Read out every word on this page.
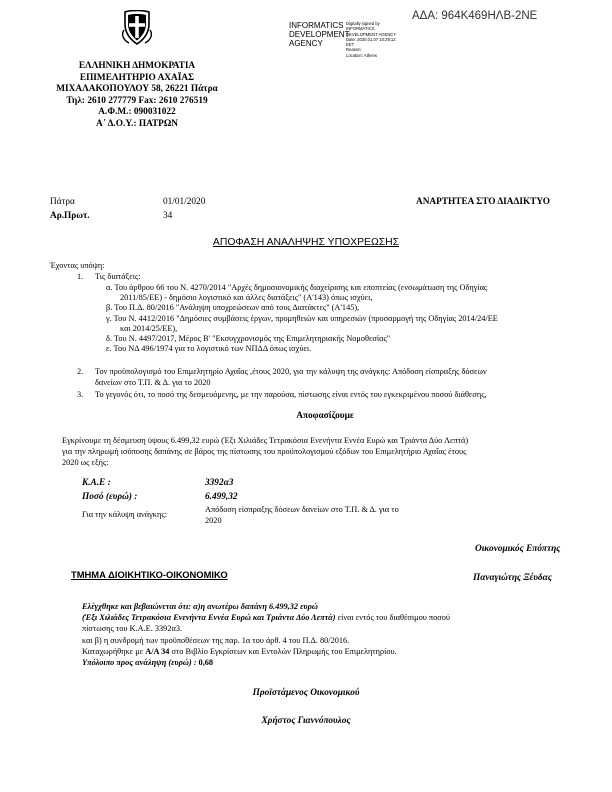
ΑΔΑ: 964Κ469ΗΛΒ-2ΝΕ
INFORMATICS
DEVELOPMENT
AGENCY
Digitally signed by
INFORMATICS
DEVELOPMENT AGENCY
Date: 2020.01.07 10:29:12
EET
Reason:
Location: Athens
ΕΛΛΗΝΙΚΗ ΔΗΜΟΚΡΑΤΙΑ
ΕΠΙΜΕΛΗΤΗΡΙΟ ΑΧΑΪΑΣ
ΜΙΧΑΛΑΚΟΠΟΥΛΟΥ 58, 26221 Πάτρα
Τηλ: 2610 277779 Fax: 2610 276519
Α.Φ.Μ.: 090031022
Α΄ Δ.Ο.Υ.: ΠΑΤΡΩΝ
Πάτρα	01/01/2020
Αρ.Πρωτ.	34
ΑΝΑΡΤΗΤΕΑ ΣΤΟ ΔΙΑΔΙΚΤΥΟ
ΑΠΟΦΑΣΗ ΑΝΑΛΗΨΗΣ ΥΠΟΧΡΕΩΣΗΣ
Έχοντας υπόψη:
1. Τις διατάξεις:
α. Του άρθρου 66 του Ν. 4270/2014 "Αρχές δημοσιονομικής διαχείρισης και εποπτείας (ενσωμάτωση της Οδηγίας
2011/85/ΕΕ) - δημόσιο λογιστικό και άλλες διατάξεις" (Α'143) όπως ισχύει,
β. Του Π.Δ. 80/2016 "Ανάληψη υποχρεώσεων από τους Διατάκτες" (Α'145),
γ. Του Ν. 4412/2016 "Δημόσιες συμβάσεις έργων, προμηθειών και υπηρεσιών (προσαρμογή της Οδηγίας 2014/24/ΕΕ
και 2014/25/ΕΕ),
δ. Του Ν. 4497/2017, Μέρος Β' "Εκσυγχρονισμός της Επιμελητηριακής Νομοθεσίας"
ε. Του ΝΔ 496/1974 για το λογιστικό των ΝΠΔΔ όπως ισχύει.
2. Τον προϋπολογισμό του Επιμελητηρίο Αχαΐας ,έτους 2020, για την κάλυψη της ανάγκης: Απόδοση είσπραξης δόσεων
δανείων στο Τ.Π. & Δ. για το 2020
3. Το γεγονός ότι, το ποσό της δεσμευόμενης, με την παρούσα, πίστωσης είναι εντός του εγκεκριμένου ποσού διάθεσης,
Αποφασίζουμε
Εγκρίνουμε τη δέσμευση ύψους 6.499,32 ευρώ (Έξι Χιλιάδες Τετρακόσια Ενενήντα Εννέα Ευρώ και Τριάντα Δύο Λεπτά)
για την πληρωμή ισόποσης δαπάνης σε βάρος της πίστωσης του προϋπολογισμού εξόδων του Επιμελητήριο Αχαΐας έτους
2020 ως εξής:
Κ.Α.Ε :	3392α3
Ποσό (ευρώ) :	6.499,32
Για την κάλυψη ανάγκης:
Απόδοση είσπραξης δόσεων δανείων στο Τ.Π. & Δ. για το
2020
Οικονομικός Επόπτης
Παναγιώτης Ξέυδας
ΤΜΗΜΑ ΔΙΟΙΚΗΤΙΚΟ-ΟΙΚΟΝΟΜΙΚΟ
Ελέγχθηκε και βεβαιώνεται ότι: α)η ανωτέρω δαπάνη 6.499,32 ευρώ
(Έξι Χιλιάδες Τετρακόσια Ενενήντα Εννέα Ευρώ και Τριάντα Δύο Λεπτά) είναι εντός του διαθέσιμου ποσού
πίστωσης του Κ.Α.Ε. 3392α3.
και β) η συνδρομή των προϋποθέσεων της παρ. 1α του άρθ. 4 του Π.Δ. 80/2016.
Καταχωρήθηκε με Α/Α 34 στο Βιβλίο Εγκρίσεων και Εντολών Πληρωμής του Επιμελητηρίου.
Υπόλοιπο προς ανάληψη (ευρώ) : 0,68
Προϊστάμενος Οικονομικού
Χρήστος Γιαννόπουλος
